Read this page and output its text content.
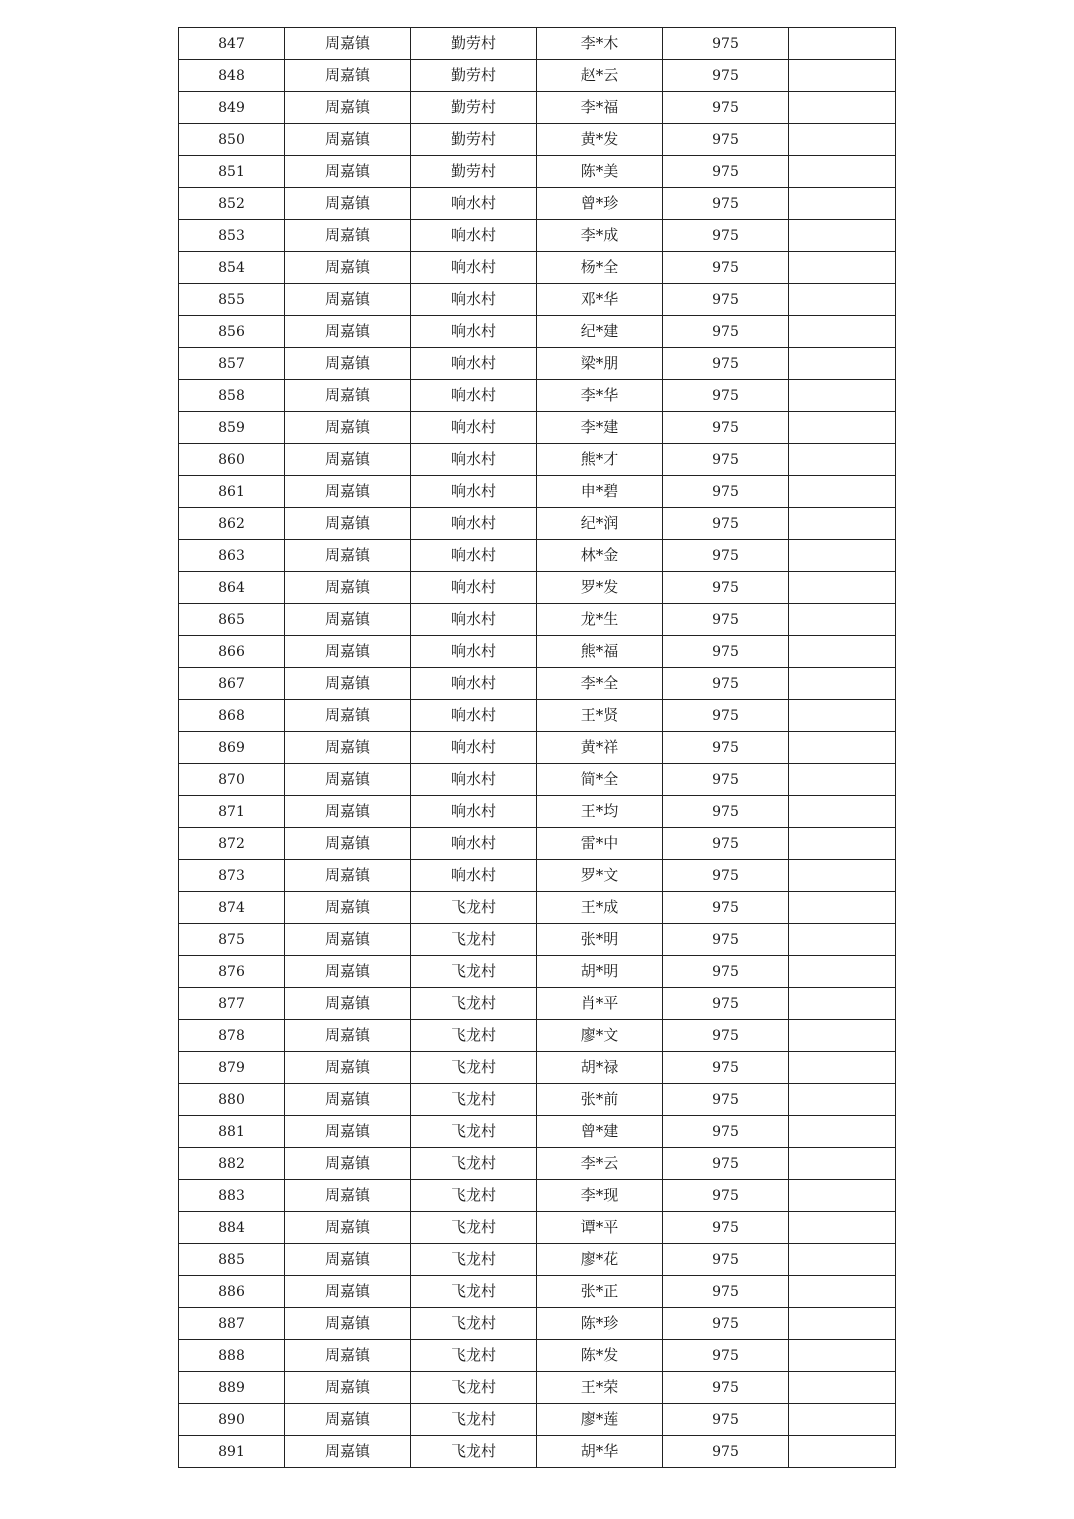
847	周嘉镇	勤劳村	李*木	975	
848	周嘉镇	勤劳村	赵*云	975	
849	周嘉镇	勤劳村	李*福	975	
850	周嘉镇	勤劳村	黄*发	975	
851	周嘉镇	勤劳村	陈*美	975	
852	周嘉镇	响水村	曾*珍	975	
853	周嘉镇	响水村	李*成	975	
854	周嘉镇	响水村	杨*全	975	
855	周嘉镇	响水村	邓*华	975	
856	周嘉镇	响水村	纪*建	975	
857	周嘉镇	响水村	梁*朋	975	
858	周嘉镇	响水村	李*华	975	
859	周嘉镇	响水村	李*建	975	
860	周嘉镇	响水村	熊*才	975	
861	周嘉镇	响水村	申*碧	975	
862	周嘉镇	响水村	纪*润	975	
863	周嘉镇	响水村	林*金	975	
864	周嘉镇	响水村	罗*发	975	
865	周嘉镇	响水村	龙*生	975	
866	周嘉镇	响水村	熊*福	975	
867	周嘉镇	响水村	李*全	975	
868	周嘉镇	响水村	王*贤	975	
869	周嘉镇	响水村	黄*祥	975	
870	周嘉镇	响水村	简*全	975	
871	周嘉镇	响水村	王*均	975	
872	周嘉镇	响水村	雷*中	975	
873	周嘉镇	响水村	罗*文	975	
874	周嘉镇	飞龙村	王*成	975	
875	周嘉镇	飞龙村	张*明	975	
876	周嘉镇	飞龙村	胡*明	975	
877	周嘉镇	飞龙村	肖*平	975	
878	周嘉镇	飞龙村	廖*文	975	
879	周嘉镇	飞龙村	胡*禄	975	
880	周嘉镇	飞龙村	张*前	975	
881	周嘉镇	飞龙村	曾*建	975	
882	周嘉镇	飞龙村	李*云	975	
883	周嘉镇	飞龙村	李*现	975	
884	周嘉镇	飞龙村	谭*平	975	
885	周嘉镇	飞龙村	廖*花	975	
886	周嘉镇	飞龙村	张*正	975	
887	周嘉镇	飞龙村	陈*珍	975	
888	周嘉镇	飞龙村	陈*发	975	
889	周嘉镇	飞龙村	王*荣	975	
890	周嘉镇	飞龙村	廖*莲	975	
891	周嘉镇	飞龙村	胡*华	975	
